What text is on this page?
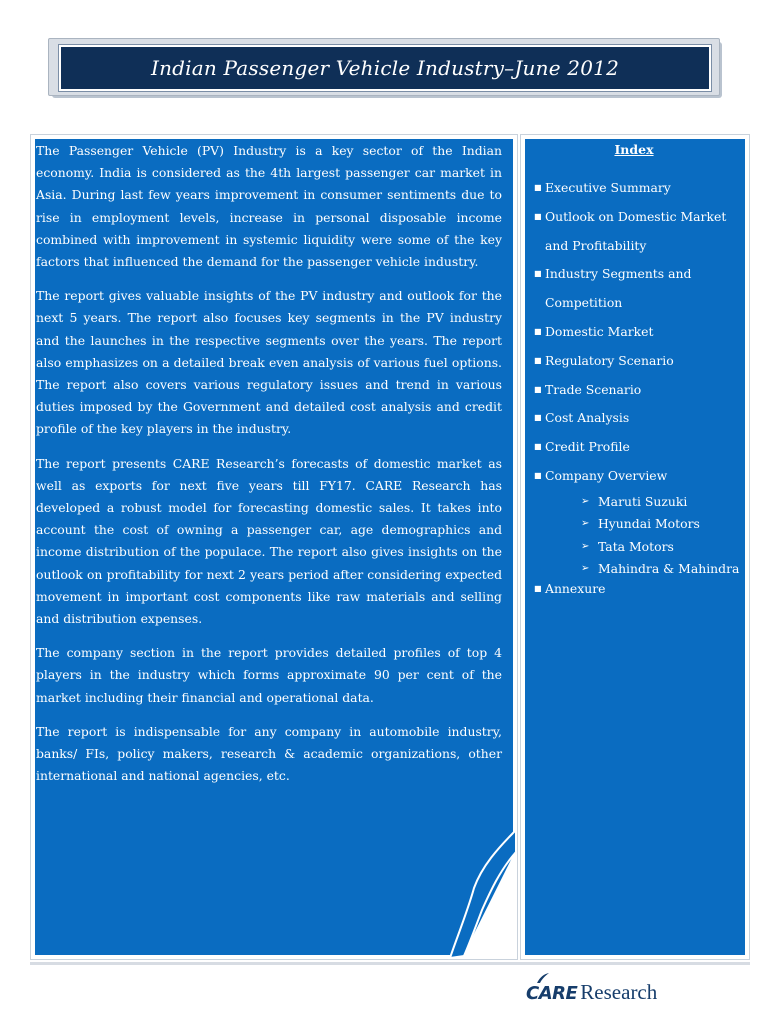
Indian Passenger Vehicle Industry–June 2012

The Passenger Vehicle (PV) Industry is a key sector of the Indian economy. India is considered as the 4th largest passenger car market in Asia. During last few years improvement in consumer sentiments due to rise in employment levels, increase in personal disposable income combined with improvement in systemic liquidity were some of the key factors that influenced the demand for the passenger vehicle industry.

The report gives valuable insights of the PV industry and outlook for the next 5 years. The report also focuses key segments in the PV industry and the launches in the respective segments over the years. The report also emphasizes on a detailed break even analysis of various fuel options. The report also covers various regulatory issues and trend in various duties imposed by the Government and detailed cost analysis and credit profile of the key players in the industry.

The report presents CARE Research’s forecasts of domestic market as well as exports for next five years till FY17. CARE Research has developed a robust model for forecasting domestic sales. It takes into account the cost of owning a passenger car, age demographics and income distribution of the populace. The report also gives insights on the outlook on profitability for next 2 years period after considering expected movement in important cost components like raw materials and selling and distribution expenses.

The company section in the report provides detailed profiles of top 4 players in the industry which forms approximate 90 per cent of the market including their financial and operational data.

The report is indispensable for any company in automobile industry, banks/ FIs, policy makers, research & academic organizations, other international and national agencies, etc.

Index
■ Executive Summary
■ Outlook on Domestic Market
and Profitability
■ Industry Segments and
Competition
■ Domestic Market
■ Regulatory Scenario
■ Trade Scenario
■ Cost Analysis
■ Credit Profile
■ Company Overview
➢ Maruti Suzuki
➢ Hyundai Motors
➢ Tata Motors
➢ Mahindra & Mahindra
■ Annexure
CARE Research
